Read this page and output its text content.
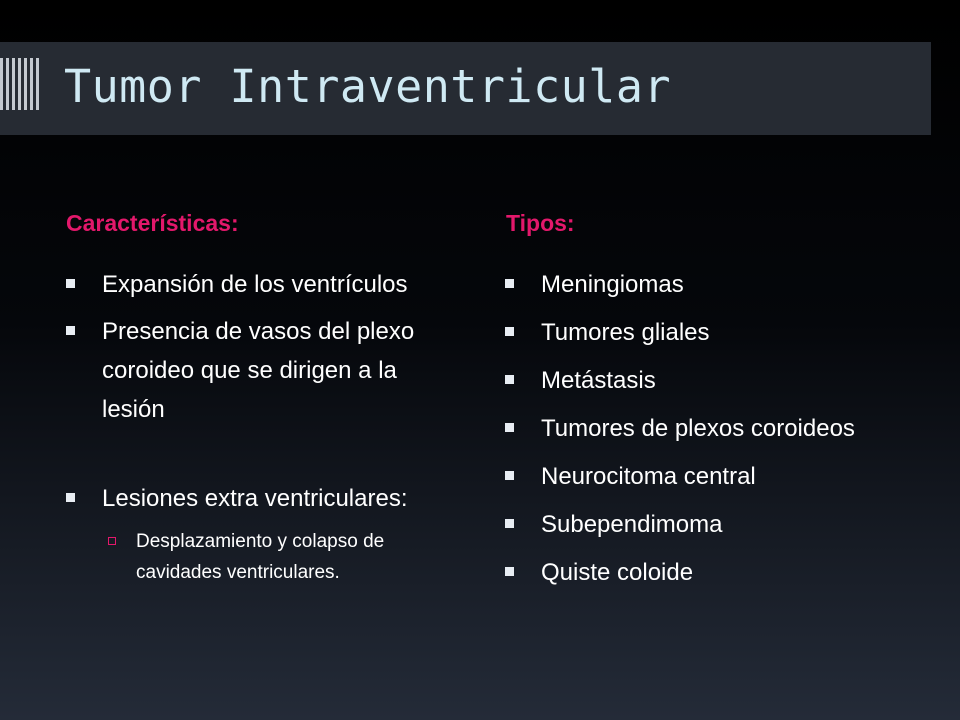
Tumor Intraventricular
Características:	Tipos:
Expansión de los ventrículos
Presencia de vasos del plexo coroideo que se dirigen a la lesión
Lesiones extra ventriculares:
Desplazamiento y colapso de cavidades ventriculares.
Meningiomas
Tumores gliales
Metástasis
Tumores de plexos coroideos
Neurocitoma central
Subependimoma
Quiste coloide
